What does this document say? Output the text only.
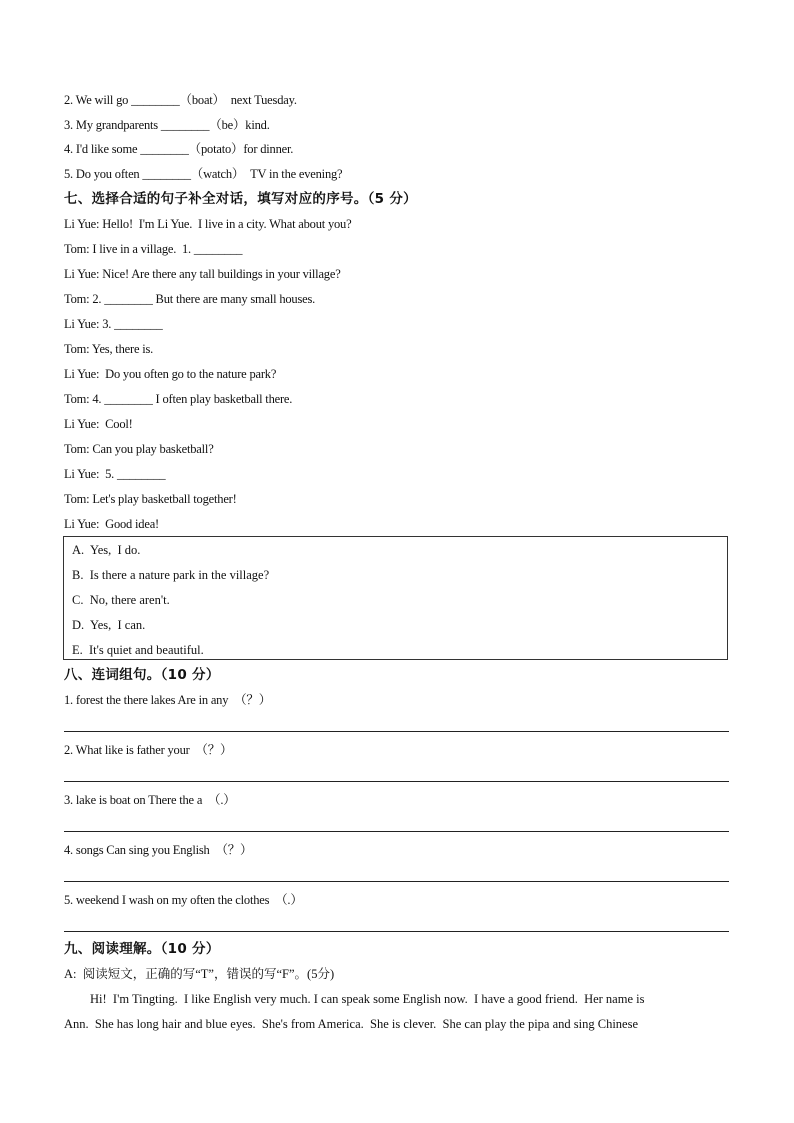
2. We will go ________（boat）  next Tuesday.
3. My grandparents ________（be）kind.
4. I'd like some ________（potato）for dinner.
5. Do you often ________（watch）  TV in the evening?
七、选择合适的句子补全对话，填写对应的序号。（5 分）
Li Yue: Hello!  I'm Li Yue.  I live in a city. What about you?
Tom: I live in a village.  1. ________
Li Yue: Nice! Are there any tall buildings in your village?
Tom: 2. ________ But there are many small houses.
Li Yue: 3. ________
Tom: Yes, there is.
Li Yue:  Do you often go to the nature park?
Tom: 4. ________ I often play basketball there.
Li Yue:  Cool!
Tom: Can you play basketball?
Li Yue:  5. ________
Tom: Let's play basketball together!
Li Yue:  Good idea!
A.  Yes,  I do.
B.  Is there a nature park in the village?
C.  No, there aren't.
D.  Yes,  I can.
E.  It's quiet and beautiful.
八、连词组句。（10 分）
1. forest the there lakes Are in any  （？）
2. What like is father your  （？）
3. lake is boat on There the a  （.）
4. songs Can sing you English  （？）
5. weekend I wash on my often the clothes  （.）
九、阅读理解。（10 分）
A:  阅读短文，正确的写“T”，错误的写“F”。(5分)
Hi!  I'm Tingting.  I like English very much. I can speak some English now.  I have a good friend.  Her name is
Ann.  She has long hair and blue eyes.  She's from America.  She is clever.  She can play the pipa and sing Chinese
